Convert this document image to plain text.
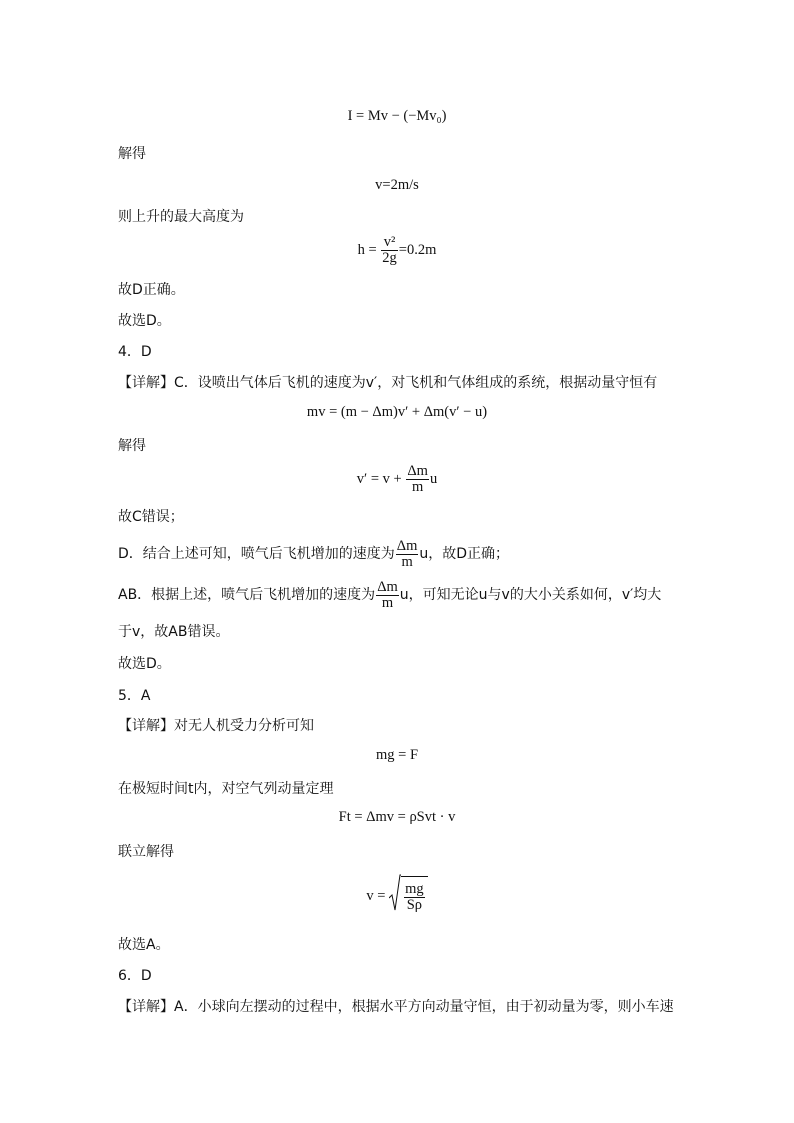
I = Mv − (−Mv₀)
解得
v=2m/s
则上升的最大高度为
$h = \frac{\text{v²}}{2g} =0.2m$
故D正确。
故选D。
4．D
【详解】C．设喷出气体后飞机的速度为v′，对飞机和气体组成的系统，根据动量守恒有
mv = (m − Δm)v′ + Δm(v′ − u)
解得
$v' = v + \frac{\Delta m}{m}$ u
故C错误；
D．结合上述可知，喷气后飞机增加的速度为 $\frac{\Delta m}{m}$ u，故D正确；
AB．根据上述，喷气后飞机增加的速度为 $\frac{\Delta m}{m}$ u，可知无论u与v的大小关系如何，v′均大
于v，故AB错误。
故选D。
5．A
【详解】对无人机受力分析可知
mg = F
在极短时间t内，对空气列动量定理
Ft = Δmv = ρSvt · v
联立解得
$v = \frac{mg}{S\rho}$
故选A。
6．D
【详解】A．小球向左摆动的过程中，根据水平方向动量守恒，由于初动量为零，则小车速
